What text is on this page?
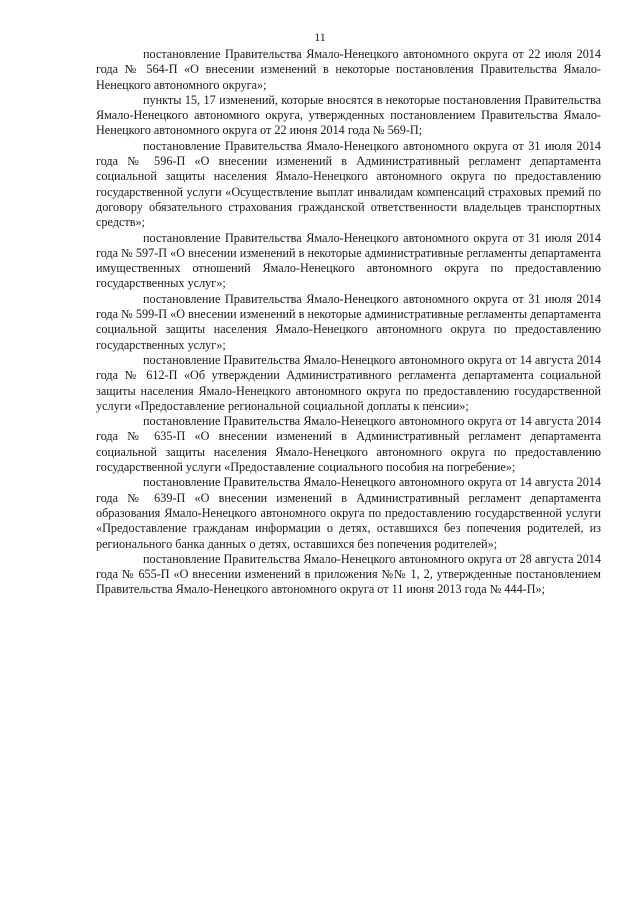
11

постановление Правительства Ямало-Ненецкого автономного округа от 22 июля 2014 года № 564-П «О внесении изменений в некоторые постановления Правительства Ямало-Ненецкого автономного округа»;

пункты 15, 17 изменений, которые вносятся в некоторые постановления Правительства Ямало-Ненецкого автономного округа, утвержденных постановлением Правительства Ямало-Ненецкого автономного округа от 22 июня 2014 года № 569-П;

постановление Правительства Ямало-Ненецкого автономного округа от 31 июля 2014 года № 596-П «О внесении изменений в Административный регламент департамента социальной защиты населения Ямало-Ненецкого автономного округа по предоставлению государственной услуги «Осуществление выплат инвалидам компенсаций страховых премий по договору обязательного страхования гражданской ответственности владельцев транспортных средств»;

постановление Правительства Ямало-Ненецкого автономного округа от 31 июля 2014 года № 597-П «О внесении изменений в некоторые административные регламенты департамента имущественных отношений Ямало-Ненецкого автономного округа по предоставлению государственных услуг»;

постановление Правительства Ямало-Ненецкого автономного округа от 31 июля 2014 года № 599-П «О внесении изменений в некоторые административные регламенты департамента социальной защиты населения Ямало-Ненецкого автономного округа по предоставлению государственных услуг»;

постановление Правительства Ямало-Ненецкого автономного округа от 14 августа 2014 года № 612-П «Об утверждении Административного регламента департамента социальной защиты населения Ямало-Ненецкого автономного округа по предоставлению государственной услуги «Предоставление региональной социальной доплаты к пенсии»;

постановление Правительства Ямало-Ненецкого автономного округа от 14 августа 2014 года № 635-П «О внесении изменений в Административный регламент департамента социальной защиты населения Ямало-Ненецкого автономного округа по предоставлению государственной услуги «Предоставление социального пособия на погребение»;

постановление Правительства Ямало-Ненецкого автономного округа от 14 августа 2014 года № 639-П «О внесении изменений в Административный регламент департамента образования Ямало-Ненецкого автономного округа по предоставлению государственной услуги «Предоставление гражданам информации о детях, оставшихся без попечения родителей, из регионального банка данных о детях, оставшихся без попечения родителей»;

постановление Правительства Ямало-Ненецкого автономного округа от 28 августа 2014 года № 655-П «О внесении изменений в приложения №№ 1, 2, утвержденные постановлением Правительства Ямало-Ненецкого автономного округа от 11 июня 2013 года № 444-П»;
